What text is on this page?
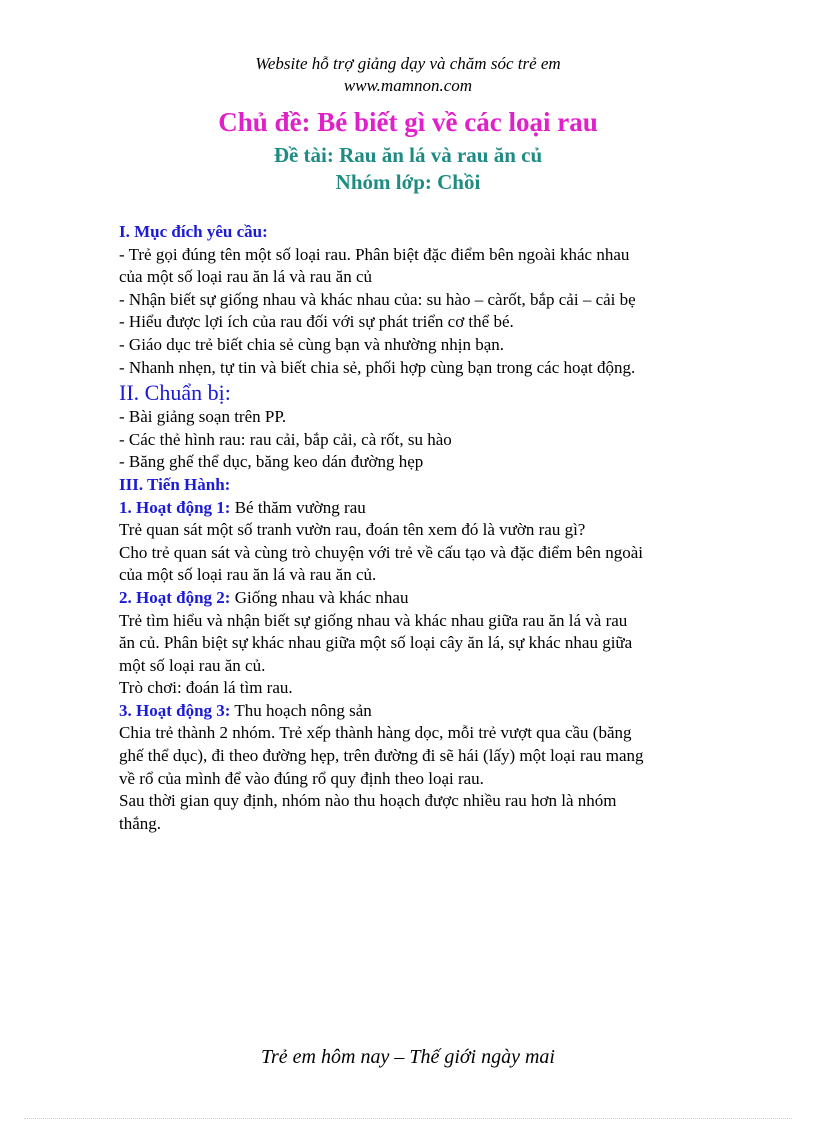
Website hỗ trợ giảng dạy và chăm sóc trẻ em
www.mamnon.com
Chủ đề: Bé biết gì về các loại rau
Đề tài: Rau ăn lá và rau ăn củ
Nhóm lớp: Chồi

I. Mục đích yêu cầu:

- Trẻ gọi đúng tên một số loại rau. Phân biệt đặc điểm bên ngoài khác nhau

của một số loại rau ăn lá và rau ăn củ

- Nhận biết sự giống nhau và khác nhau của: su hào – càrốt, bắp cải – cải bẹ

- Hiểu được lợi ích của rau đối với sự phát triển cơ thể bé.

- Giáo dục trẻ biết chia sẻ cùng bạn và nhường nhịn bạn.

- Nhanh nhẹn, tự tin và biết chia sẻ, phối hợp cùng bạn trong các hoạt động.

II. Chuẩn bị:

- Bài giảng soạn trên PP.

- Các thẻ hình rau: rau cải, bắp cải, cà rốt, su hào

- Băng ghế thể dục, băng keo dán đường hẹp

III. Tiến Hành:

1. Hoạt động 1: Bé thăm vường rau

Trẻ quan sát một số tranh vườn rau, đoán tên xem đó là vườn rau gì?

Cho trẻ quan sát và cùng trò chuyện với trẻ về cấu tạo và đặc điểm bên ngoài

của một số loại rau ăn lá và rau ăn củ.

2. Hoạt động 2: Giống nhau và khác nhau

Trẻ tìm hiểu và nhận biết sự giống nhau và khác nhau giữa rau ăn lá và rau

ăn củ. Phân biệt sự khác nhau giữa một số loại cây ăn lá, sự khác nhau giữa

một số loại rau ăn củ.

Trò chơi: đoán lá tìm rau.

3. Hoạt động 3: Thu hoạch nông sản

Chia trẻ thành 2 nhóm. Trẻ xếp thành hàng dọc, mỗi trẻ vượt qua cầu (băng

ghế thể dục), đi theo đường hẹp, trên đường đi sẽ hái (lấy) một loại rau mang

về rổ của mình để vào đúng rổ quy định theo loại rau.

Sau thời gian quy định, nhóm nào thu hoạch được nhiều rau hơn là nhóm

thắng.

Trẻ em hôm nay – Thế giới ngày mai
